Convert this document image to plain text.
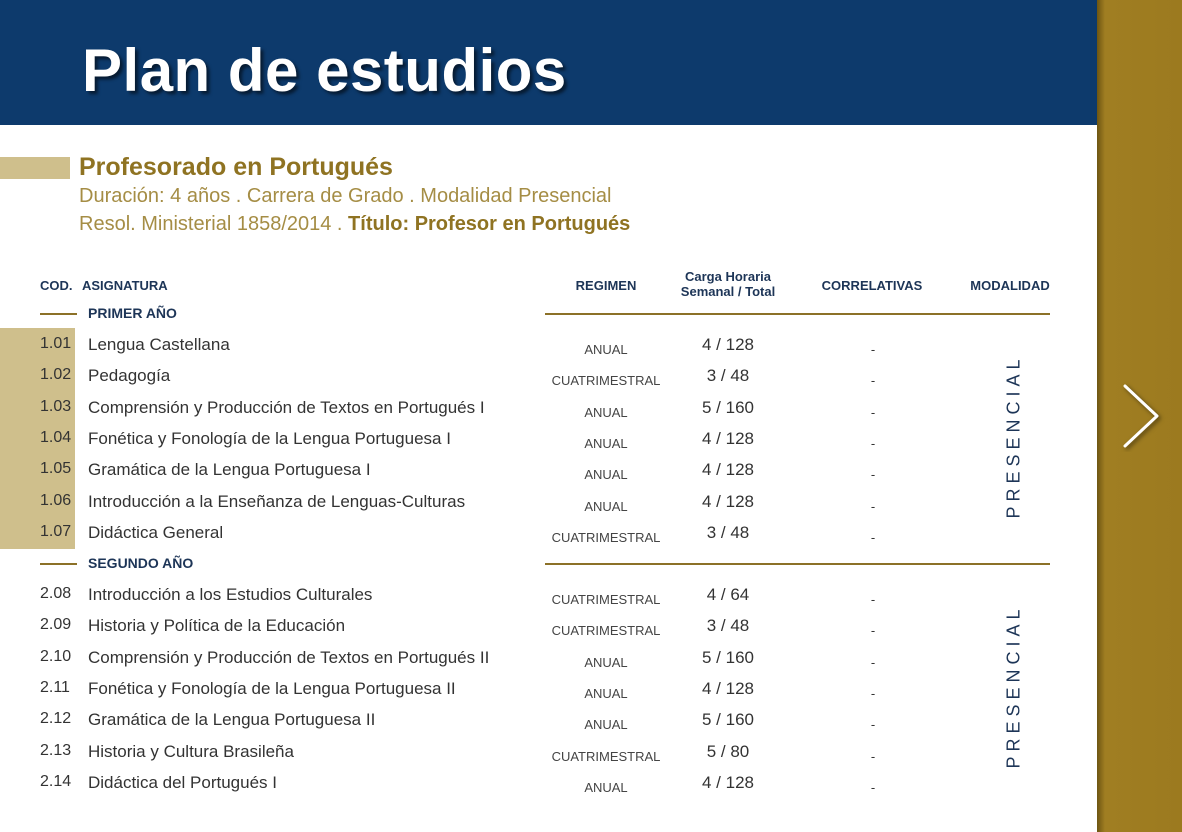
Plan de estudios
Profesorado en Portugués
Duración: 4 años . Carrera de Grado . Modalidad Presencial
Resol. Ministerial 1858/2014 . Título: Profesor en Portugués
COD. ASIGNATURA	REGIMEN
Carga Horaria
Semanal / Total	CORRELATIVAS	MODALIDAD
PRIMER AÑO
1.01 Lengua Castellana	ANUAL	4 / 128	-
1.02 Pedagogía	CUATRIMESTRAL	3 / 48	-
1.03 Comprensión y Producción de Textos en Portugués I	ANUAL	5 / 160	-
1.04 Fonética y Fonología de la Lengua Portuguesa I	ANUAL	4 / 128	-
1.05 Gramática de la Lengua Portuguesa I	ANUAL	4 / 128	-
1.06 Introducción a la Enseñanza de Lenguas-Culturas	ANUAL	4 / 128	-
1.07 Didáctica General	CUATRIMESTRAL	3 / 48	-
PRESENCIAL
SEGUNDO AÑO
2.08 Introducción a los Estudios Culturales	CUATRIMESTRAL	4 / 64	-
2.09 Historia y Política de la Educación	CUATRIMESTRAL	3 / 48	-
2.10 Comprensión y Producción de Textos en Portugués II	ANUAL	5 / 160	-
2.11 Fonética y Fonología de la Lengua Portuguesa II	ANUAL	4 / 128	-
2.12 Gramática de la Lengua Portuguesa II	ANUAL	5 / 160	-
2.13 Historia y Cultura Brasileña	CUATRIMESTRAL	5 / 80	-
2.14 Didáctica del Portugués I	ANUAL	4 / 128	-
PRESENCIAL
